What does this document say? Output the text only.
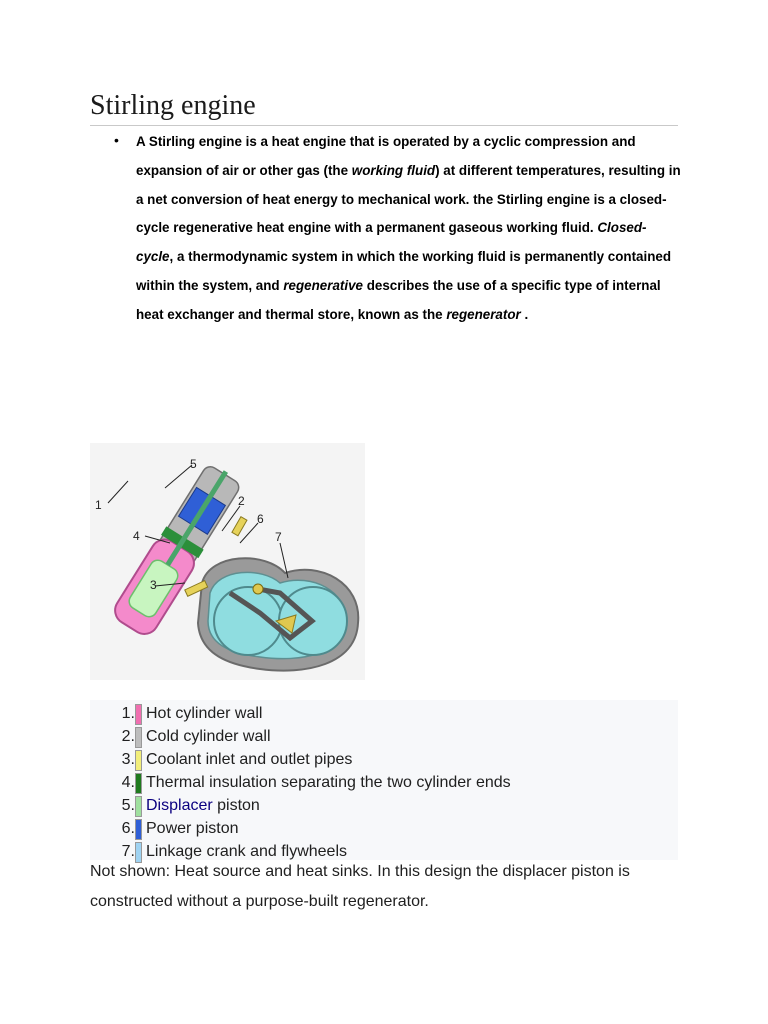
Stirling engine
• A Stirling engine is a heat engine that is operated by a cyclic compression and expansion of air or other gas (the working fluid) at different temperatures, resulting in a net conversion of heat energy to mechanical work. the Stirling engine is a closed-cycle regenerative heat engine with a permanent gaseous working fluid. Closed-cycle, a thermodynamic system in which the working fluid is permanently contained within the system, and regenerative describes the use of a specific type of internal heat exchanger and thermal store, known as the regenerator .

1	2
3
4
5
6
7
1. Hot cylinder wall
2. Cold cylinder wall
3. Coolant inlet and outlet pipes
4. Thermal insulation separating the two cylinder ends
5. Displacer piston
6. Power piston
7. Linkage crank and flywheels

Not shown: Heat source and heat sinks. In this design the displacer piston is constructed without a purpose-built regenerator.
